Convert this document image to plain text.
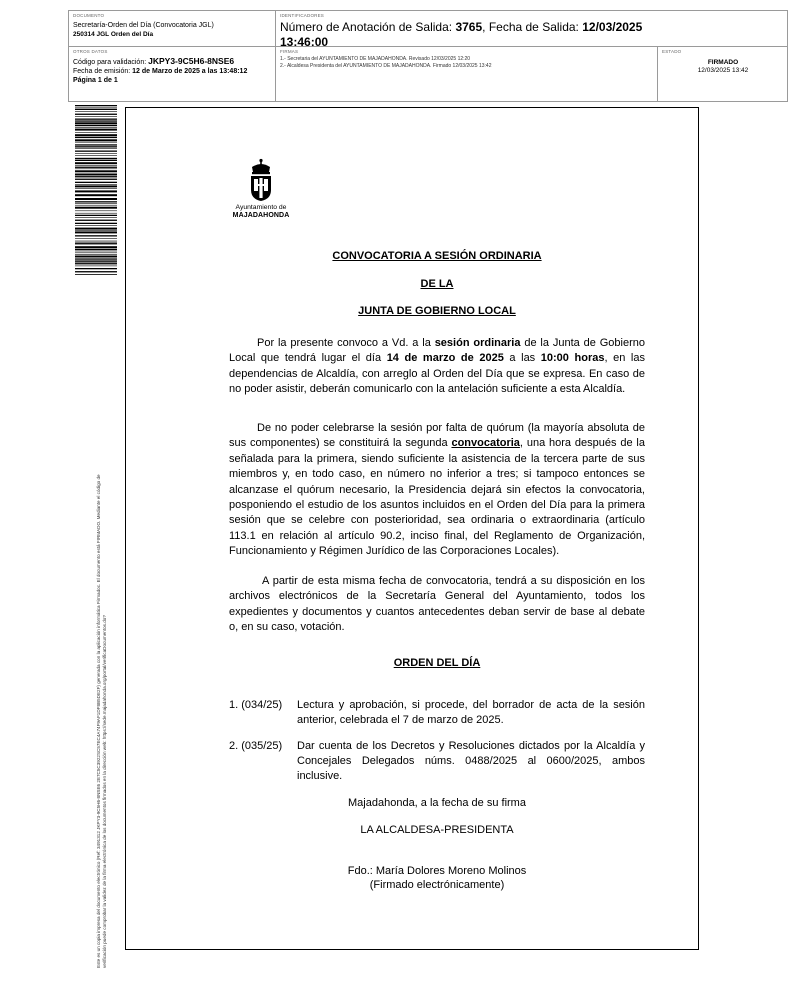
DOCUMENTO
Secretaría-Orden del Día (Convocatoria JGL)
250314 JGL Orden del Día
IDENTIFICADORES
Número de Anotación de Salida: 3765, Fecha de Salida: 12/03/2025
13:46:00
OTROS DATOS
Código para validación: JKPY3-9C5H6-8NSE6
Fecha de emisión: 12 de Marzo de 2025 a las 13:48:12
Página 1 de 1
FIRMAS
1.- Secretaria del AYUNTAMIENTO DE MAJADAHONDA. Revisado 12/03/2025 12:20
2.- Alcaldesa Presidenta del AYUNTAMIENTO DE MAJADAHONDA. Firmado 12/03/2025 13:42
ESTADO
FIRMADO
12/03/2025 13:42
Este es un copia impresa del documento electrónico (Ref: 3491312 JKPY3-9C5H6-8NSE6 2E7C5C3922SC57EC4A74F9AF1DF8B5DE2F) generada con la aplicación informática Firmadoc. El documento está FIRMADO. Mediante el código de verificación puede comprobar la validez de la firma electrónica de los documentos firmados en la dirección web: https://sede.majadahonda.org/portal/verificaDocumentos.do?
Ayuntamiento de
MAJADAHONDA
CONVOCATORIA A SESIÓN ORDINARIA
DE LA
JUNTA DE GOBIERNO LOCAL

Por la presente convoco a Vd. a la sesión ordinaria de la Junta de Gobierno Local que tendrá lugar el día 14 de marzo de 2025 a las 10:00 horas, en las dependencias de Alcaldía, con arreglo al Orden del Día que se expresa. En caso de no poder asistir, deberán comunicarlo con la antelación suficiente a esta Alcaldía.

De no poder celebrarse la sesión por falta de quórum (la mayoría absoluta de sus componentes) se constituirá la segunda convocatoria, una hora después de la señalada para la primera, siendo suficiente la asistencia de la tercera parte de sus miembros y, en todo caso, en número no inferior a tres; si tampoco entonces se alcanzase el quórum necesario, la Presidencia dejará sin efectos la convocatoria, posponiendo el estudio de los asuntos incluidos en el Orden del Día para la primera sesión que se celebre con posterioridad, sea ordinaria o extraordinaria (artículo 113.1 en relación al artículo 90.2, inciso final, del Reglamento de Organización, Funcionamiento y Régimen Jurídico de las Corporaciones Locales).

A partir de esta misma fecha de convocatoria, tendrá a su disposición en los archivos electrónicos de la Secretaría General del Ayuntamiento, todos los expedientes y documentos y cuantos antecedentes deban servir de base al debate o, en su caso, votación.

ORDEN DEL DÍA
1. (034/25)	Lectura y aprobación, si procede, del borrador de acta de la sesión anterior, celebrada el 7 de marzo de 2025.
2. (035/25)	Dar cuenta de los Decretos y Resoluciones dictados por la Alcaldía y Concejales Delegados núms. 0488/2025 al 0600/2025, ambos inclusive.
Majadahonda, a la fecha de su firma
LA ALCALDESA-PRESIDENTA
Fdo.: María Dolores Moreno Molinos
(Firmado electrónicamente)
